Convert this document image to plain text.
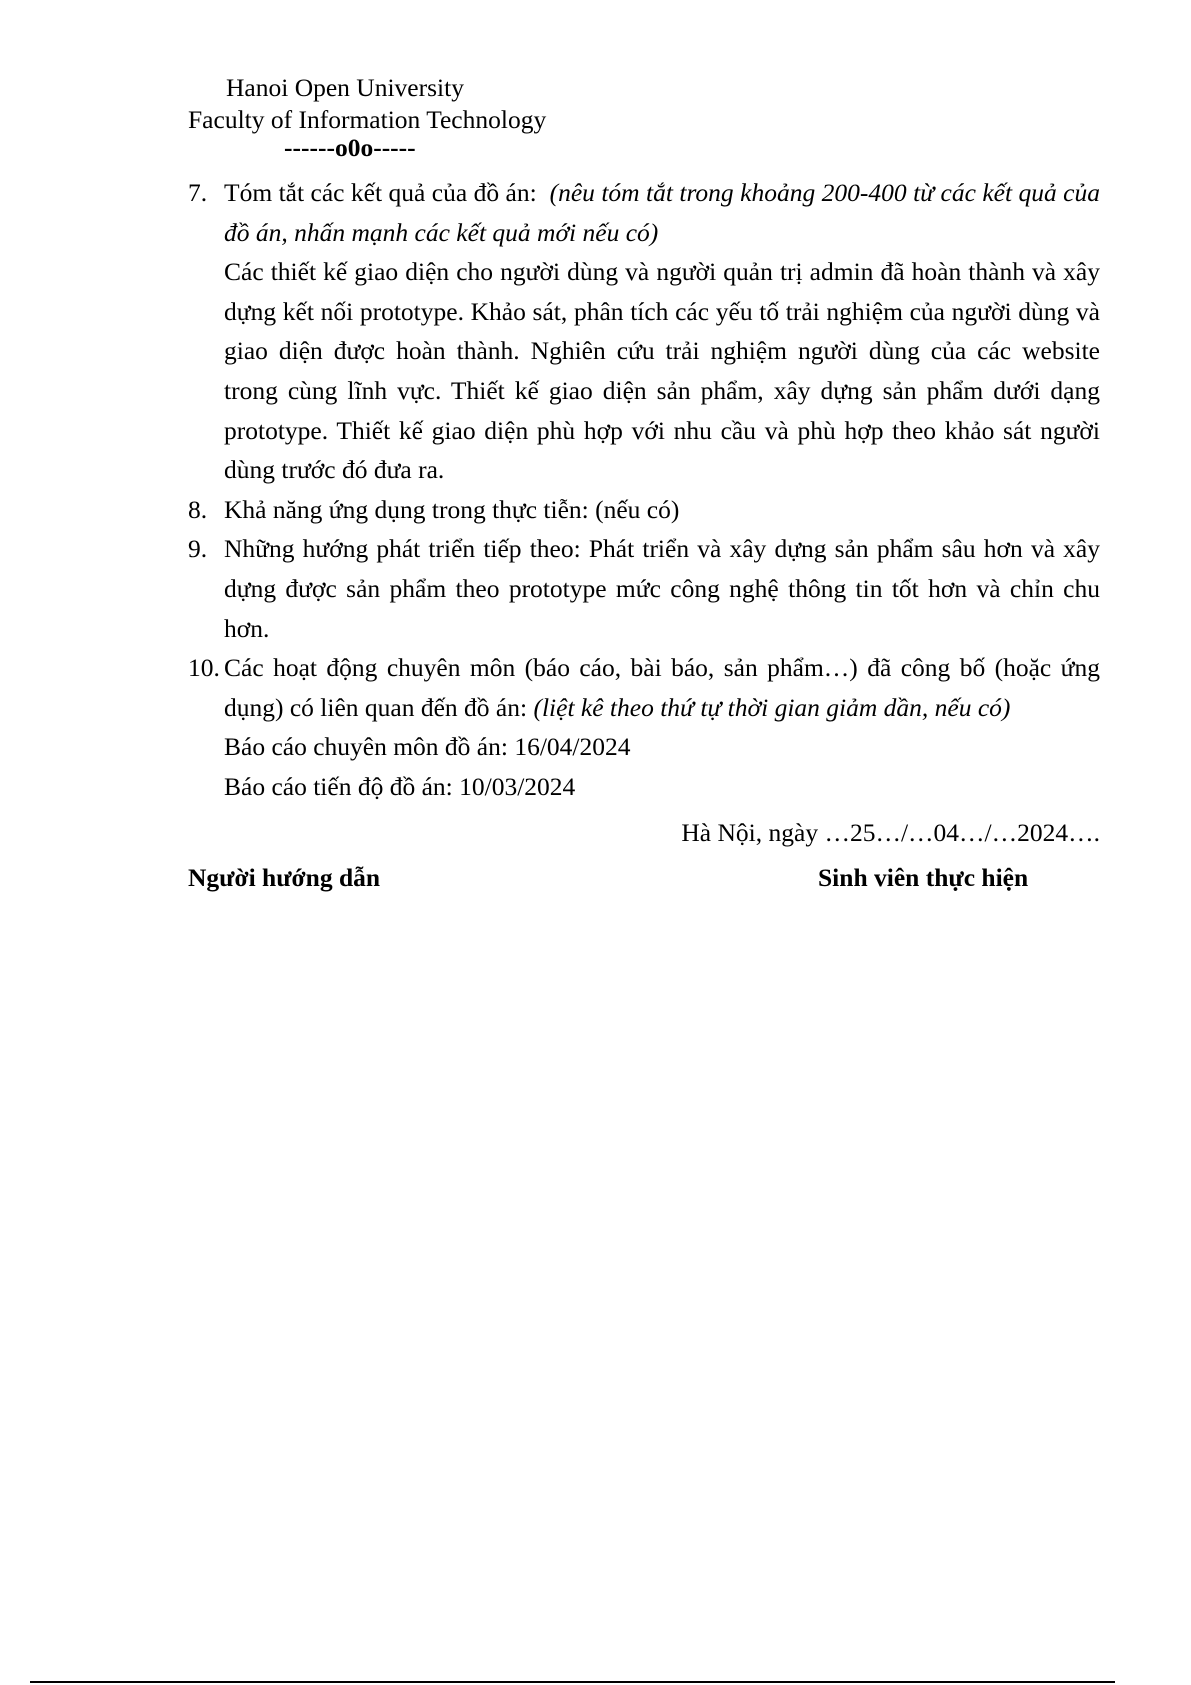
Hanoi Open University
Faculty of Information Technology
------o0o-----
7. Tóm tắt các kết quả của đồ án: (nêu tóm tắt trong khoảng 200-400 từ các kết quả của đồ án, nhấn mạnh các kết quả mới nếu có)

Các thiết kế giao diện cho người dùng và người quản trị admin đã hoàn thành và xây dựng kết nối prototype. Khảo sát, phân tích các yếu tố trải nghiệm của người dùng và giao diện được hoàn thành. Nghiên cứu trải nghiệm người dùng của các website trong cùng lĩnh vực. Thiết kế giao diện sản phẩm, xây dựng sản phẩm dưới dạng prototype. Thiết kế giao diện phù hợp với nhu cầu và phù hợp theo khảo sát người dùng trước đó đưa ra.

8. Khả năng ứng dụng trong thực tiễn: (nếu có)

9. Những hướng phát triển tiếp theo: Phát triển và xây dựng sản phẩm sâu hơn và xây dựng được sản phẩm theo prototype mức công nghệ thông tin tốt hơn và chỉn chu hơn.

10. Các hoạt động chuyên môn (báo cáo, bài báo, sản phẩm…) đã công bố (hoặc ứng dụng) có liên quan đến đồ án: (liệt kê theo thứ tự thời gian giảm dần, nếu có)

Báo cáo chuyên môn đồ án: 16/04/2024

Báo cáo tiến độ đồ án: 10/03/2024

Hà Nội, ngày …25…/…04…/…2024….
Người hướng dẫn	Sinh viên thực hiện
